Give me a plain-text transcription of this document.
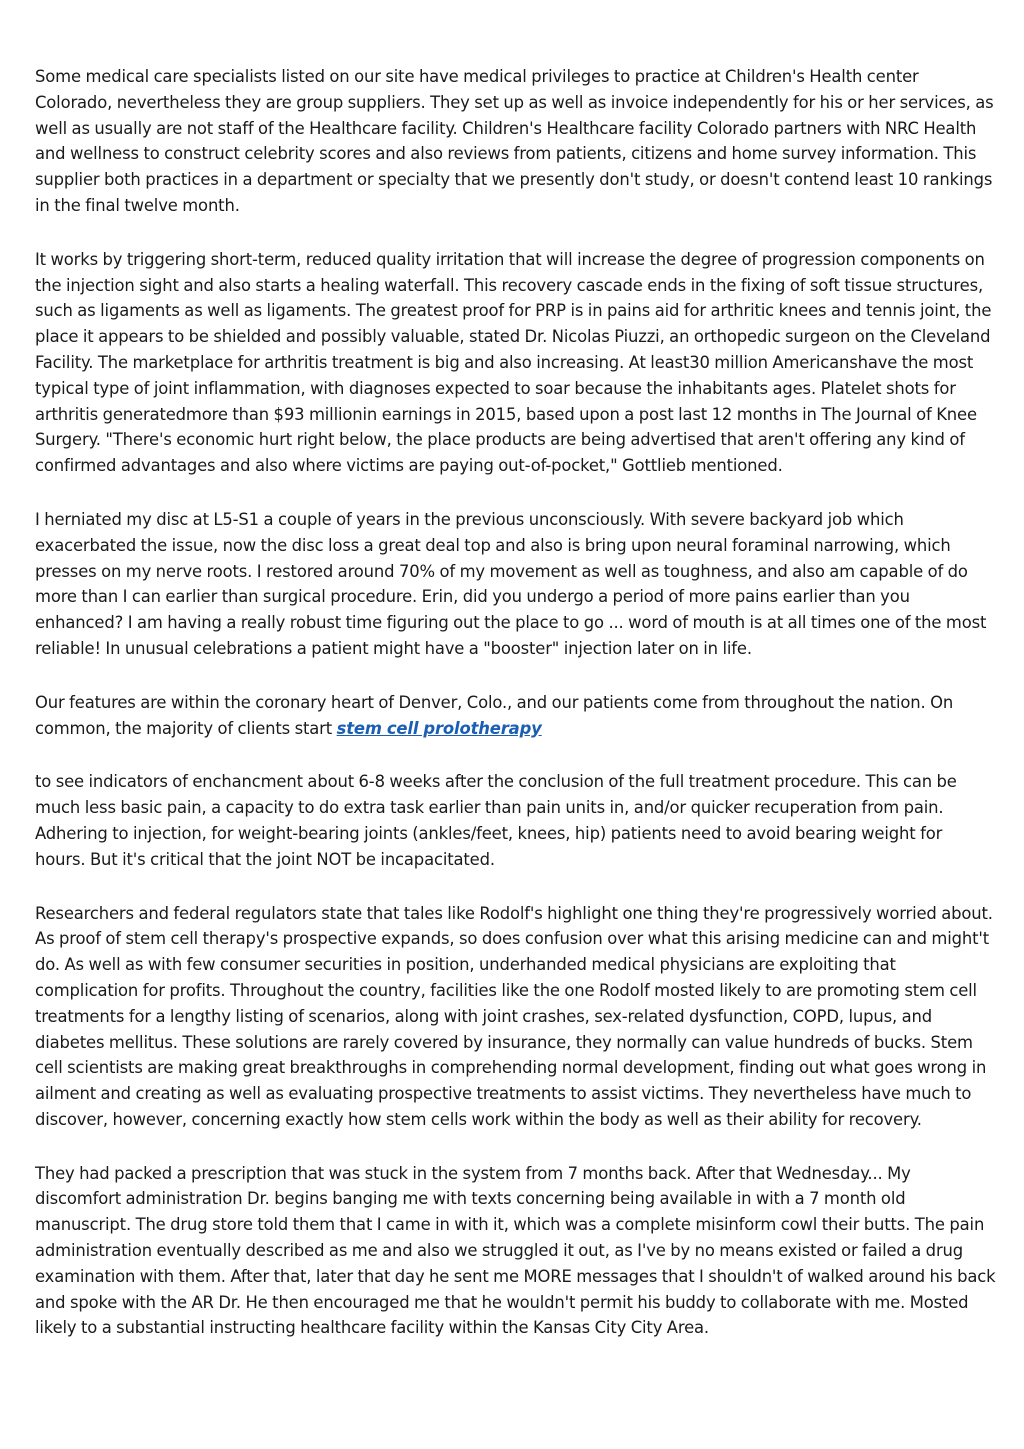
Some medical care specialists listed on our site have medical privileges to practice at Children's Health center Colorado, nevertheless they are group suppliers. They set up as well as invoice independently for his or her services, as well as usually are not staff of the Healthcare facility. Children's Healthcare facility Colorado partners with NRC Health and wellness to construct celebrity scores and also reviews from patients, citizens and home survey information. This supplier both practices in a department or specialty that we presently don't study, or doesn't contend least 10 rankings in the final twelve month.

It works by triggering short-term, reduced quality irritation that will increase the degree of progression components on the injection sight and also starts a healing waterfall. This recovery cascade ends in the fixing of soft tissue structures, such as ligaments as well as ligaments. The greatest proof for PRP is in pains aid for arthritic knees and tennis joint, the place it appears to be shielded and possibly valuable, stated Dr. Nicolas Piuzzi, an orthopedic surgeon on the Cleveland Facility. The marketplace for arthritis treatment is big and also increasing. At least30 million Americanshave the most typical type of joint inflammation, with diagnoses expected to soar because the inhabitants ages. Platelet shots for arthritis generatedmore than $93 millionin earnings in 2015, based upon a post last 12 months in The Journal of Knee Surgery. "There's economic hurt right below, the place products are being advertised that aren't offering any kind of confirmed advantages and also where victims are paying out-of-pocket," Gottlieb mentioned.

I herniated my disc at L5-S1 a couple of years in the previous unconsciously. With severe backyard job which exacerbated the issue, now the disc loss a great deal top and also is bring upon neural foraminal narrowing, which presses on my nerve roots. I restored around 70% of my movement as well as toughness, and also am capable of do more than I can earlier than surgical procedure. Erin, did you undergo a period of more pains earlier than you enhanced? I am having a really robust time figuring out the place to go ... word of mouth is at all times one of the most reliable! In unusual celebrations a patient might have a "booster" injection later on in life.

Our features are within the coronary heart of Denver, Colo., and our patients come from throughout the nation. On common, the majority of clients start stem cell prolotherapy

to see indicators of enchancment about 6-8 weeks after the conclusion of the full treatment procedure. This can be much less basic pain, a capacity to do extra task earlier than pain units in, and/or quicker recuperation from pain. Adhering to injection, for weight-bearing joints (ankles/feet, knees, hip) patients need to avoid bearing weight for hours. But it's critical that the joint NOT be incapacitated.

Researchers and federal regulators state that tales like Rodolf's highlight one thing they're progressively worried about. As proof of stem cell therapy's prospective expands, so does confusion over what this arising medicine can and might't do. As well as with few consumer securities in position, underhanded medical physicians are exploiting that complication for profits. Throughout the country, facilities like the one Rodolf mosted likely to are promoting stem cell treatments for a lengthy listing of scenarios, along with joint crashes, sex-related dysfunction, COPD, lupus, and diabetes mellitus. These solutions are rarely covered by insurance, they normally can value hundreds of bucks. Stem cell scientists are making great breakthroughs in comprehending normal development, finding out what goes wrong in ailment and creating as well as evaluating prospective treatments to assist victims. They nevertheless have much to discover, however, concerning exactly how stem cells work within the body as well as their ability for recovery.

They had packed a prescription that was stuck in the system from 7 months back. After that Wednesday... My discomfort administration Dr. begins banging me with texts concerning being available in with a 7 month old manuscript. The drug store told them that I came in with it, which was a complete misinform cowl their butts. The pain administration eventually described as me and also we struggled it out, as I've by no means existed or failed a drug examination with them. After that, later that day he sent me MORE messages that I shouldn't of walked around his back and spoke with the AR Dr. He then encouraged me that he wouldn't permit his buddy to collaborate with me. Mosted likely to a substantial instructing healthcare facility within the Kansas City City Area.
